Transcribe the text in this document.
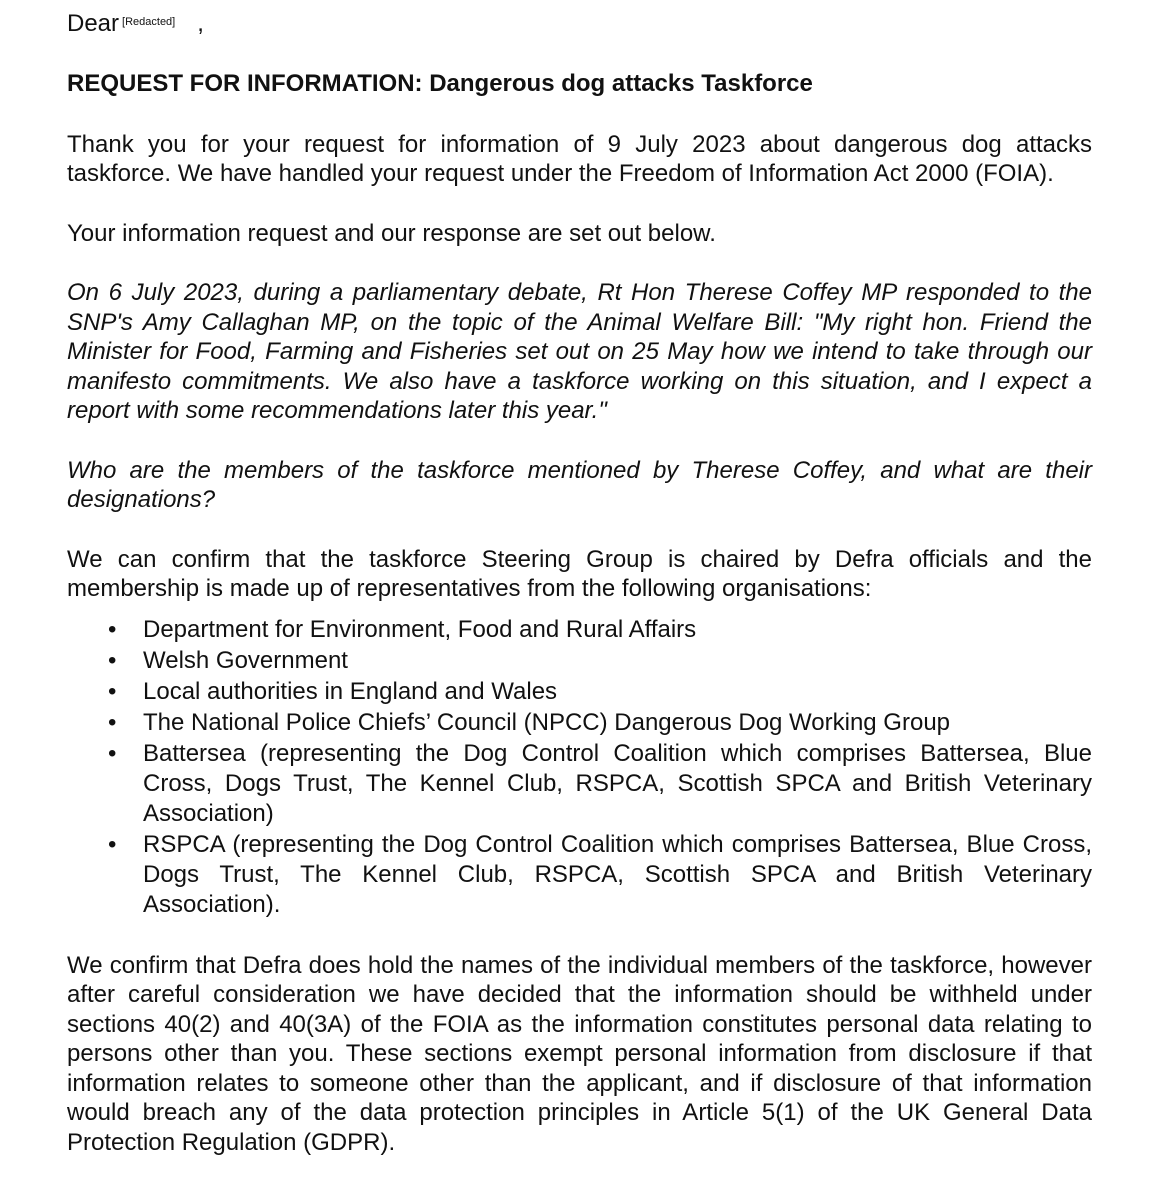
Dear [Redacted] ,

REQUEST FOR INFORMATION: Dangerous dog attacks Taskforce

Thank you for your request for information of 9 July 2023 about dangerous dog attacks taskforce. We have handled your request under the Freedom of Information Act 2000 (FOIA).

Your information request and our response are set out below.

On 6 July 2023, during a parliamentary debate, Rt Hon Therese Coffey MP responded to the SNP's Amy Callaghan MP, on the topic of the Animal Welfare Bill: "My right hon. Friend the Minister for Food, Farming and Fisheries set out on 25 May how we intend to take through our manifesto commitments. We also have a taskforce working on this situation, and I expect a report with some recommendations later this year."

Who are the members of the taskforce mentioned by Therese Coffey, and what are their designations?

We can confirm that the taskforce Steering Group is chaired by Defra officials and the membership is made up of representatives from the following organisations:

• Department for Environment, Food and Rural Affairs
• Welsh Government
• Local authorities in England and Wales
• The National Police Chiefs’ Council (NPCC) Dangerous Dog Working Group
• Battersea (representing the Dog Control Coalition which comprises Battersea, Blue Cross, Dogs Trust, The Kennel Club, RSPCA, Scottish SPCA and British Veterinary Association)
• RSPCA (representing the Dog Control Coalition which comprises Battersea, Blue Cross, Dogs Trust, The Kennel Club, RSPCA, Scottish SPCA and British Veterinary Association).

We confirm that Defra does hold the names of the individual members of the taskforce, however after careful consideration we have decided that the information should be withheld under sections 40(2) and 40(3A) of the FOIA as the information constitutes personal data relating to persons other than you. These sections exempt personal information from disclosure if that information relates to someone other than the applicant, and if disclosure of that information would breach any of the data protection principles in Article 5(1) of the UK General Data Protection Regulation (GDPR).
